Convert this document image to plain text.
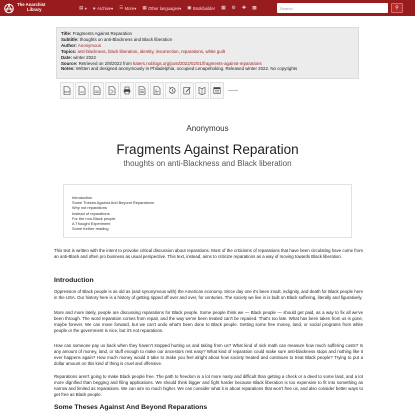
The Anarchist
Library	▤ ▾ ♥ Archive ▾ ☰ More ▾ ▦ Other languages ▾ ▣ Bookbuilder ▦ ⚙ ✚ ▩	Search	⚲
Title: Fragments Against Reparation
Subtitle: thoughts on anti-Blackness and Black liberation
Author: Anonymous
Topics: anti-blackness, black liberation, identity, insurrection, reparations, white guilt
Date: winter 2022
Source: Retrieved on 2/8/2022 from katers.noblogs.org/post/2022/02/01/fragments-against-reparations
Notes: Written and designed anonymously in Philadelphia, occupied Lenapehoking. Released winter 2022. No copyrights
PDF	A4
Anonymous
Fragments Against Reparation
thoughts on anti-Blackness and Black liberation
Introduction
Some Theses Against And Beyond Reparations
Why not reparations
Instead of reparations
For the non-Black people
A Thought Experiment
Some further reading
This text is written with the intent to provoke critical discussion about reparations. Most of the criticisms of reparations that have been circulating have come from an anti-Black and often pro business as usual perspective. This text, instead, aims to criticize reparations as a way of moving towards Black liberation.
Introduction
Oppression of Black people is as old as (and synonymous with) the American economy. Since day one it's been insult, indignity, and death for Black people here in the USA. Our history here is a history of getting ripped off over and over, for centuries. The society we live in is built on Black suffering, literally and figuratively.
More and more lately, people are discussing reparations for Black people. Some people think we — Black people — should get paid, as a way to fix all we've been through. The word reparation comes from repair, and the way we've been treated can't be repaired. That's too late. What has been taken from us is gone, maybe forever. We can move forward, but we can't undo what's been done to Black people. Getting some free money, land, or social programs from white people or the government is nice, but it's not reparations.
How can someone pay us back when they haven't stopped hurting us and taking from us? What kind of sick math can measure how much suffering costs? Is any amount of money, land, or stuff enough to make our ancestors rest easy? What kind of reparation could make sure anti-blackness stops and nothing like it ever happens again? How much money would it take to make you feel alright about how society treated and continues to treat Black people? Trying to put a dollar amount on this kind of thing is cruel and offensive.
Reparations aren't going to make Black people free. The path to freedom is a lot more nasty and difficult than getting a check or a deed to some land, and a lot more dignified than begging and filing applications. We should think bigger and fight harder because Black liberation is too expensive to fit into something as narrow and limited as reparations. We can aim so much higher. We can consider what it is about reparations that won't free us, and also consider better ways to get free as Black people.
Some Theses Against And Beyond Reparations
